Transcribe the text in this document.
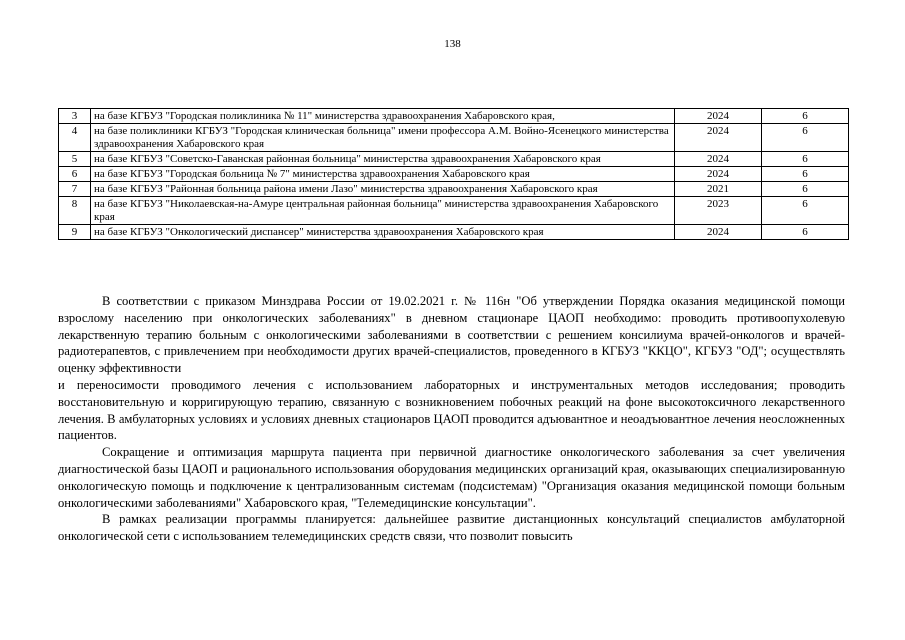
138
3	на базе КГБУЗ "Городская поликлиника № 11" министерства здравоохранения Хабаровского края,	2024	6
4	на базе поликлиники КГБУЗ "Городская клиническая больница" имени профессора А.М. Войно-Ясенецкого министерства здравоохранения Хабаровского края	2024	6
5	на базе КГБУЗ "Советско-Гаванская районная больница" министерства здравоохранения Хабаровского края	2024	6
6	на базе КГБУЗ "Городская больница № 7" министерства здравоохранения Хабаровского края	2024	6
7	на базе КГБУЗ "Районная больница района имени Лазо" министерства здравоохранения Хабаровского края	2021	6
8	на базе КГБУЗ "Николаевская-на-Амуре центральная районная больница" министерства здравоохранения Хабаровского края	2023	6
9	на базе КГБУЗ "Онкологический диспансер" министерства здравоохранения Хабаровского края	2024	6

В соответствии с приказом Минздрава России от 19.02.2021 г. № 116н "Об утверждении Порядка оказания медицинской помощи взрослому населению при онкологических заболеваниях" в дневном стационаре ЦАОП необходимо: проводить противоопухолевую лекарственную терапию больным с онкологическими заболеваниями в соответствии с решением консилиума врачей-онкологов и врачей-радиотерапевтов, с привлечением при необходимости других врачей-специалистов, проведенного в КГБУЗ "ККЦО", КГБУЗ "ОД"; осуществлять оценку эффективности

и переносимости проводимого лечения с использованием лабораторных и инструментальных методов исследования; проводить восстановительную и корригирующую терапию, связанную с возникновением побочных реакций на фоне высокотоксичного лекарственного лечения. В амбулаторных условиях и условиях дневных стационаров ЦАОП проводится адъювантное и неоадъювантное лечения неосложненных пациентов.

Сокращение и оптимизация маршрута пациента при первичной диагностике онкологического заболевания за счет увеличения диагностической базы ЦАОП и рационального использования оборудования медицинских организаций края, оказывающих специализированную онкологическую помощь и подключение к централизованным системам (подсистемам) "Организация оказания медицинской помощи больным онкологическими заболеваниями" Хабаровского края, "Телемедицинские консультации".

В рамках реализации программы планируется: дальнейшее развитие дистанционных консультаций специалистов амбулаторной онкологической сети с использованием телемедицинских средств связи, что позволит повысить
